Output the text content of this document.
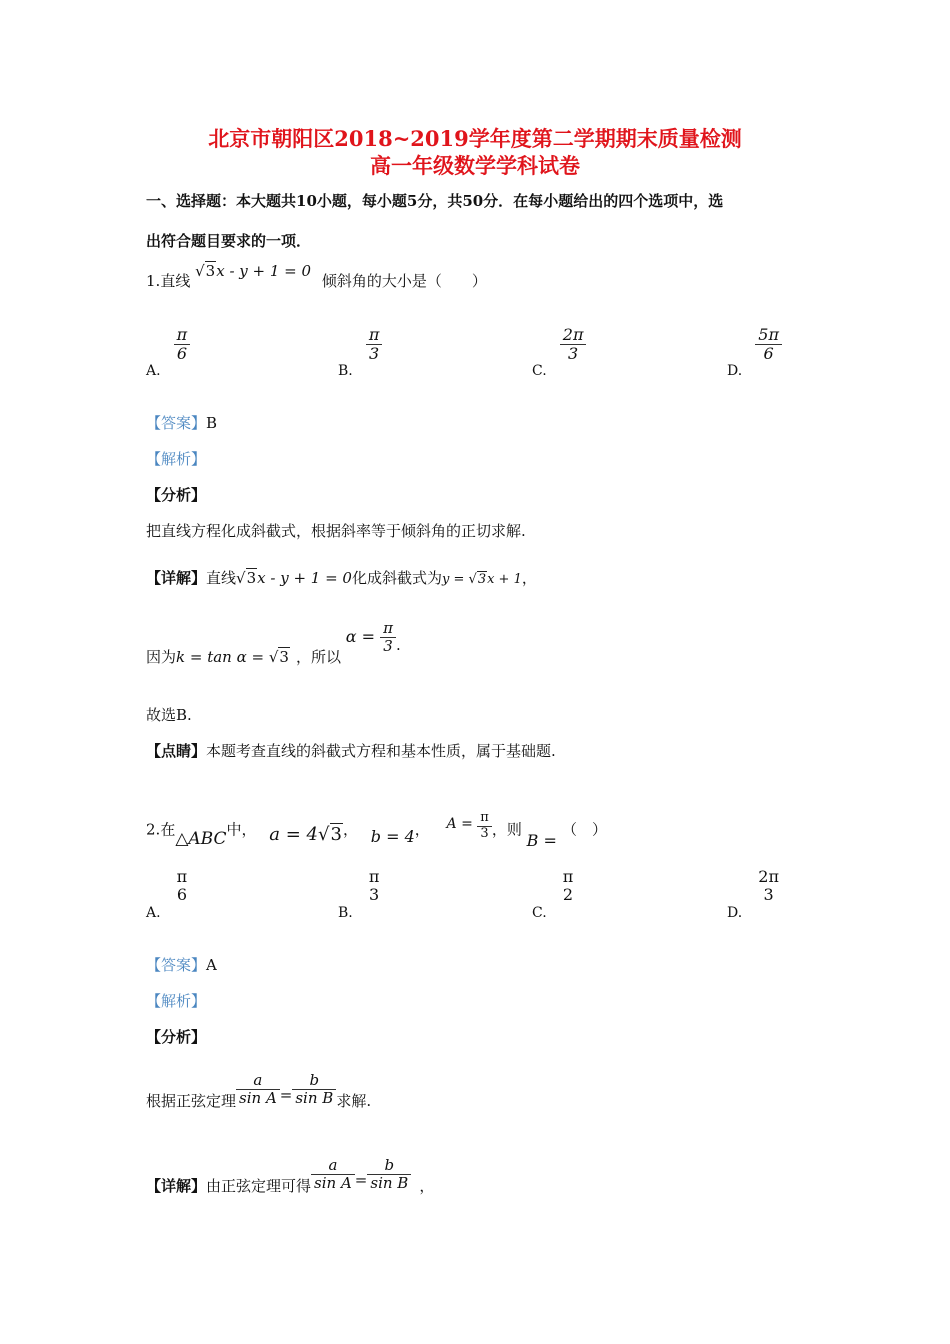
北京市朝阳区2018~2019学年度第二学期期末质量检测
高一年级数学学科试卷
一、选择题：本大题共10小题，每小题5分，共50分．在每小题给出的四个选项中，选
出符合题目要求的一项．
1.直线 √3x - y + 1 = 0 倾斜角的大小是（　　）
A.
$\frac{\pi}{6}$
B.
$\frac{\pi}{3}$
C.
$\frac{2\pi}{3}$
D.
$\frac{5\pi}{6}$
【答案】B
【解析】
【分析】
把直线方程化成斜截式，根据斜率等于倾斜角的正切求解.
【详解】直线√3x - y + 1 = 0化成斜截式为y = √3x + 1，
因为k = tan α = √3 ，所以 $\alpha = \frac{\pi}{3}$ .
故选B.
【点睛】本题考查直线的斜截式方程和基本性质，属于基础题.
2.在△ABC中， a = 4√3， b = 4， $A = \frac{\pi}{3}$ ，则 B = （　）
A.
π
6
B.
π
3
C.
π
2
D.
2π
3
【答案】A
【解析】
【分析】
根据正弦定理 $\frac{a}{\text{sin A}} = \frac{b}{\text{sin B}}$ 求解.
【详解】由正弦定理可得 $\frac{a}{\text{sin A}} = \frac{b}{\text{sin B}}$ ，
